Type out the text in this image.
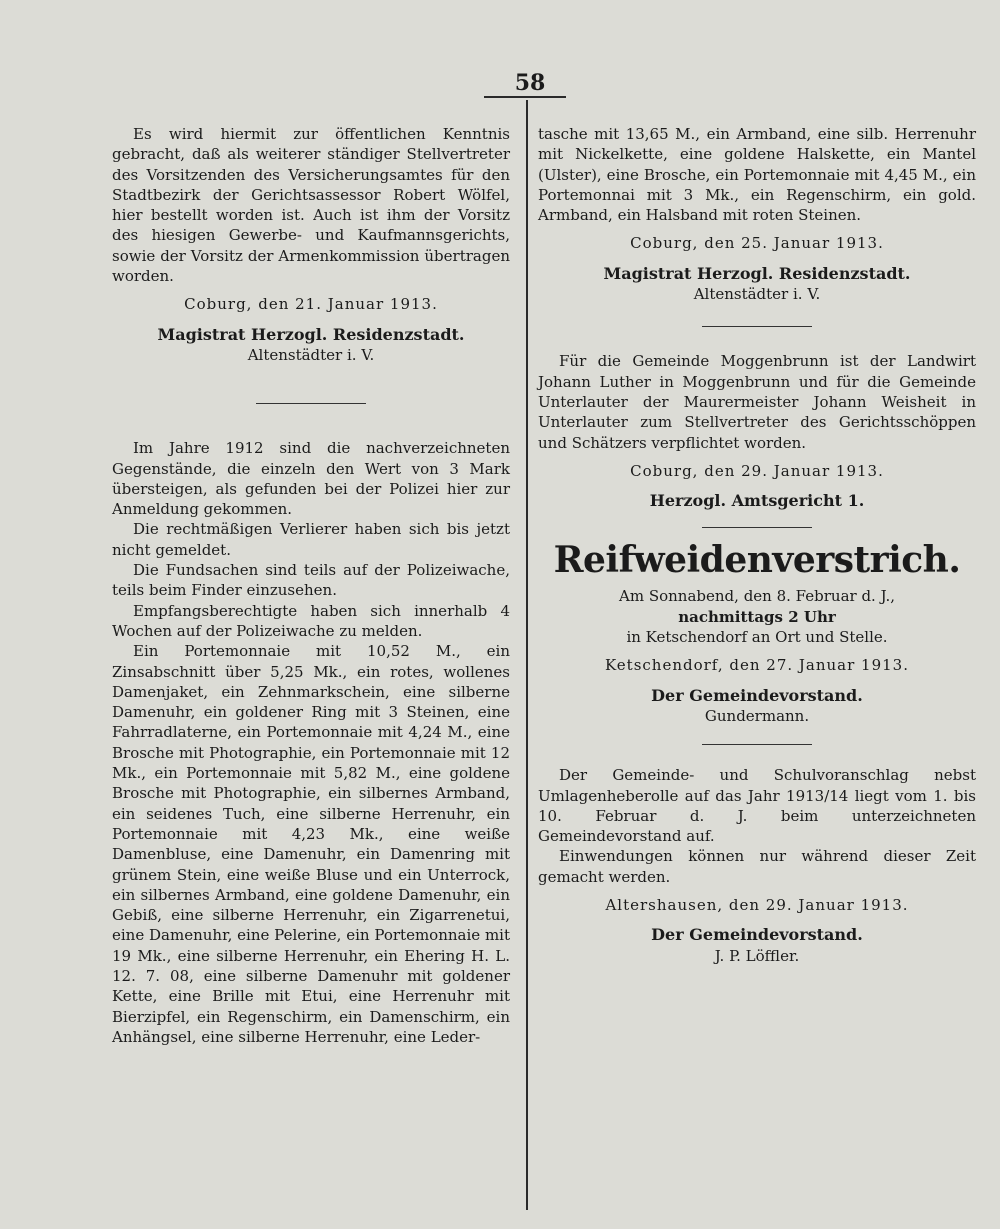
58

Es wird hiermit zur öffentlichen Kenntnis gebracht, daß als weiterer ständiger Stellvertreter des Vorsitzenden des Versicherungsamtes für den Stadtbezirk der Gerichtsassessor Robert Wölfel, hier bestellt worden ist. Auch ist ihm der Vorsitz des hiesigen Gewerbe- und Kaufmannsgerichts, sowie der Vorsitz der Armenkommission übertragen worden.

Coburg, den 21. Januar 1913.
Magistrat Herzogl. Residenzstadt.
Altenstädter i. V.

Im Jahre 1912 sind die nachverzeichneten Gegenstände, die einzeln den Wert von 3 Mark übersteigen, als gefunden bei der Polizei hier zur Anmeldung gekommen.

Die rechtmäßigen Verlierer haben sich bis jetzt nicht gemeldet.

Die Fundsachen sind teils auf der Polizeiwache, teils beim Finder einzusehen.

Empfangsberechtigte haben sich innerhalb 4 Wochen auf der Polizeiwache zu melden.

Ein Portemonnaie mit 10,52 M., ein Zinsabschnitt über 5,25 Mk., ein rotes, wollenes Damenjaket, ein Zehnmarkschein, eine silberne Damenuhr, ein goldener Ring mit 3 Steinen, eine Fahrradlaterne, ein Portemonnaie mit 4,24 M., eine Brosche mit Photographie, ein Portemonnaie mit 12 Mk., ein Portemonnaie mit 5,82 M., eine goldene Brosche mit Photographie, ein silbernes Armband, ein seidenes Tuch, eine silberne Herrenuhr, ein Portemonnaie mit 4,23 Mk., eine weiße Damenbluse, eine Damenuhr, ein Damenring mit grünem Stein, eine weiße Bluse und ein Unterrock, ein silbernes Armband, eine goldene Damenuhr, ein Gebiß, eine silberne Herrenuhr, ein Zigarrenetui, eine Damenuhr, eine Pelerine, ein Portemonnaie mit 19 Mk., eine silberne Herrenuhr, ein Ehering H. L. 12. 7. 08, eine silberne Damenuhr mit goldener Kette, eine Brille mit Etui, eine Herrenuhr mit Bierzipfel, ein Regenschirm, ein Damenschirm, ein Anhängsel, eine silberne Herrenuhr, eine Leder-

tasche mit 13,65 M., ein Armband, eine silb. Herrenuhr mit Nickelkette, eine goldene Halskette, ein Mantel (Ulster), eine Brosche, ein Portemonnaie mit 4,45 M., ein Portemonnai mit 3 Mk., ein Regenschirm, ein gold. Armband, ein Halsband mit roten Steinen.

Coburg, den 25. Januar 1913.
Magistrat Herzogl. Residenzstadt.
Altenstädter i. V.

Für die Gemeinde Moggenbrunn ist der Landwirt Johann Luther in Moggenbrunn und für die Gemeinde Unterlauter der Maurermeister Johann Weisheit in Unterlauter zum Stellvertreter des Gerichtsschöppen und Schätzers verpflichtet worden.

Coburg, den 29. Januar 1913.
Herzogl. Amtsgericht 1.
Reifweidenverstrich.
Am Sonnabend, den 8. Februar d. J.,
nachmittags 2 Uhr
in Ketschendorf an Ort und Stelle.
Ketschendorf, den 27. Januar 1913.
Der Gemeindevorstand.
Gundermann.

Der Gemeinde- und Schulvoranschlag nebst Umlagenheberolle auf das Jahr 1913/14 liegt vom 1. bis 10. Februar d. J. beim unterzeichneten Gemeindevorstand auf.

Einwendungen können nur während dieser Zeit gemacht werden.

Altershausen, den 29. Januar 1913.
Der Gemeindevorstand.
J. P. Löffler.
